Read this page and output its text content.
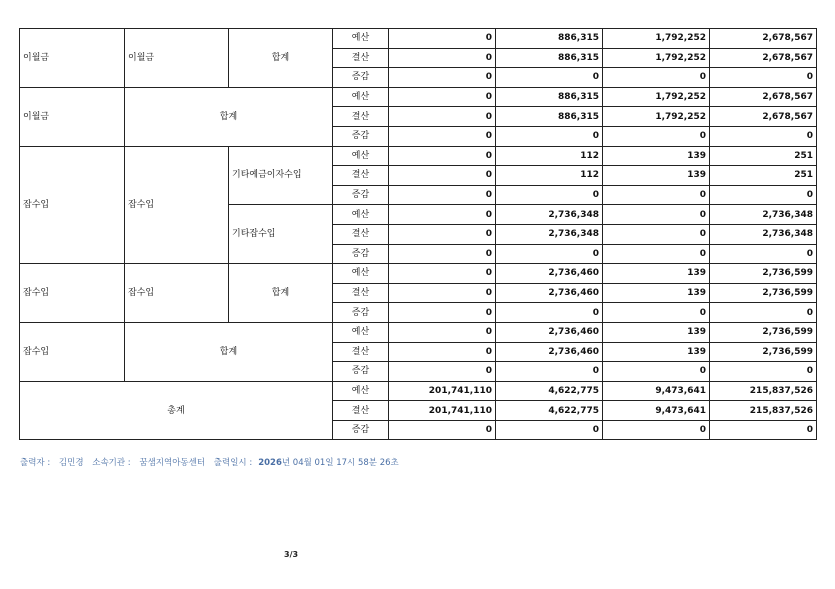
이월금	이월금	합계	예산	0	886,315	1,792,252	2,678,567
			결산	0	886,315	1,792,252	2,678,567
			증감	0	0	0	0
이월금	합계		예산	0	886,315	1,792,252	2,678,567
			결산	0	886,315	1,792,252	2,678,567
			증감	0	0	0	0
잡수입	잡수입	기타예금이자수입	예산	0	112	139	251
			결산	0	112	139	251
			증감	0	0	0	0
		기타잡수입	예산	0	2,736,348	0	2,736,348
			결산	0	2,736,348	0	2,736,348
			증감	0	0	0	0
잡수입	잡수입	합계	예산	0	2,736,460	139	2,736,599
			결산	0	2,736,460	139	2,736,599
			증감	0	0	0	0
잡수입	합계		예산	0	2,736,460	139	2,736,599
			결산	0	2,736,460	139	2,736,599
			증감	0	0	0	0
총계			예산	201,741,110	4,622,775	9,473,641	215,837,526
			결산	201,741,110	4,622,775	9,473,641	215,837,526
			증감	0	0	0	0
출력자 : 김민경 소속기관 : 꿈샘지역아동센터 출력일시 : 2026년 04월 01일 17시 58분 26초
3/3
